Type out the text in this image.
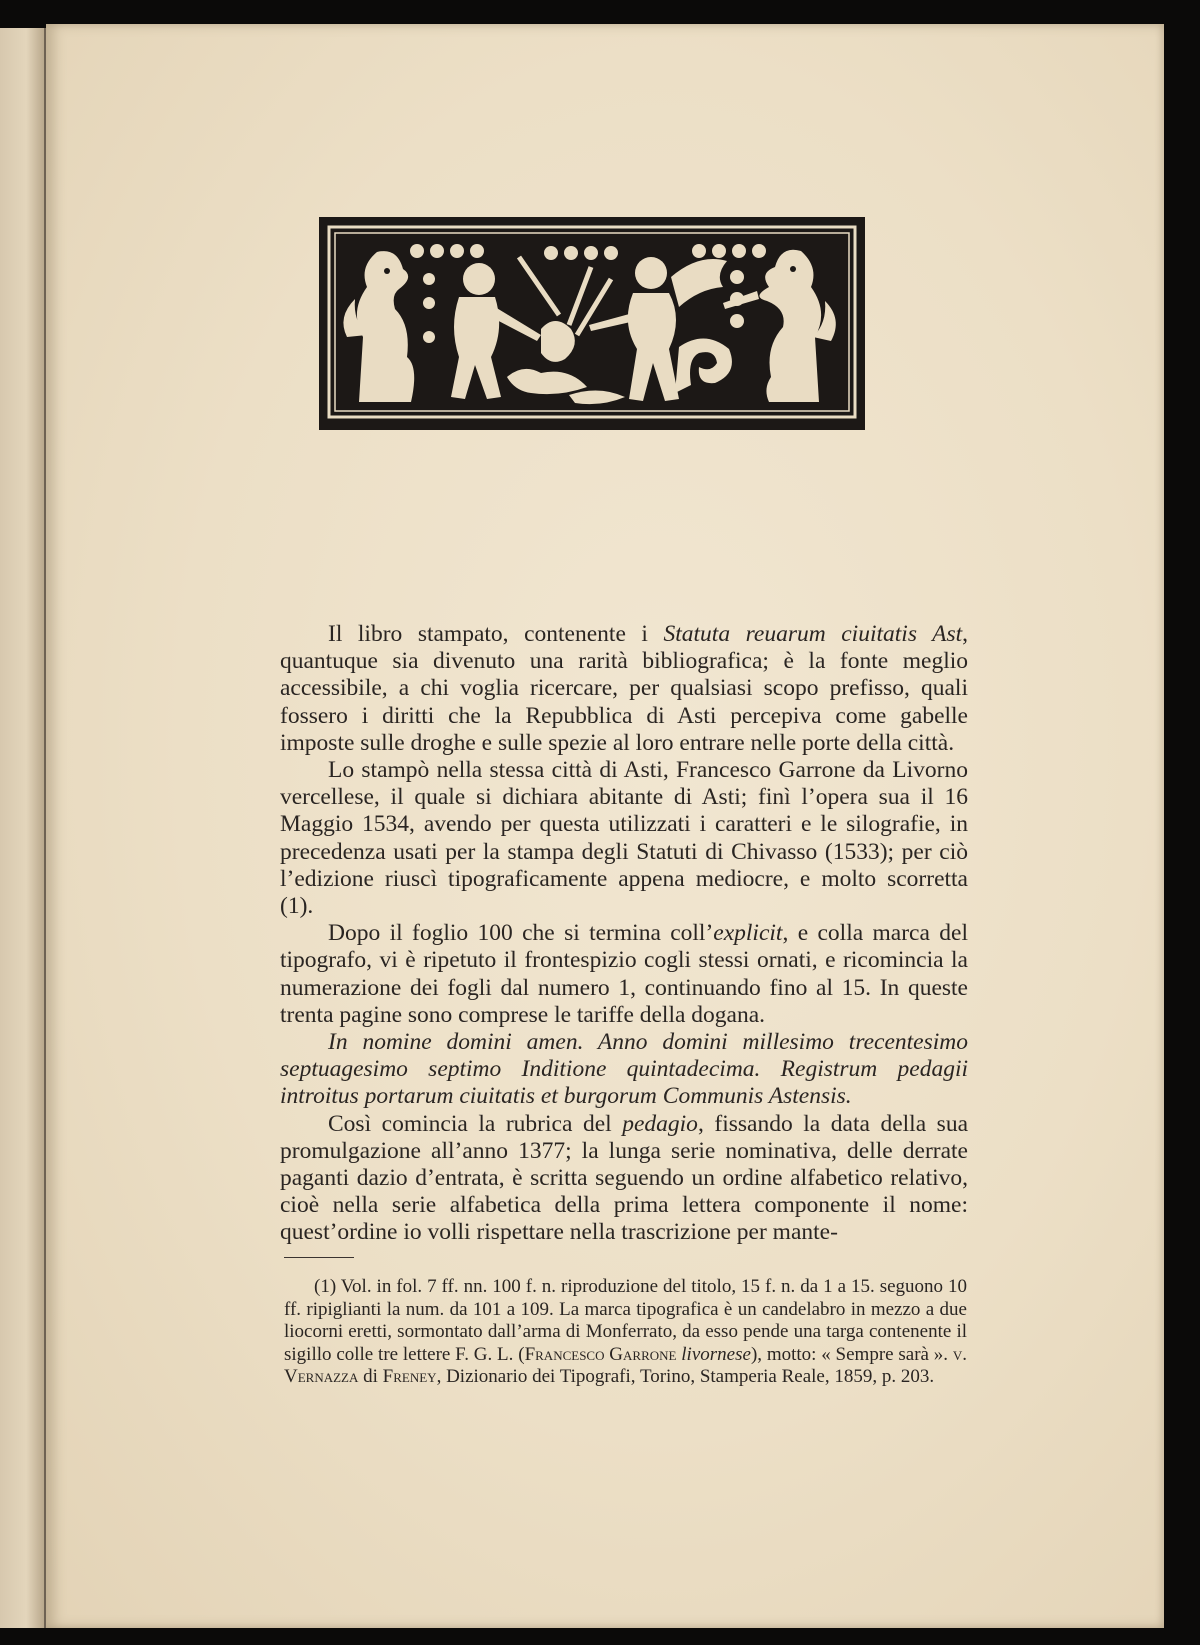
Il libro stampato, contenente i Statuta reuarum ciuitatis Ast, quantuque sia divenuto una rarità bibliografica; è la fonte meglio accessibile, a chi voglia ricercare, per qualsiasi scopo prefisso, quali fossero i diritti che la Repubblica di Asti percepiva come gabelle imposte sulle droghe e sulle spezie al loro entrare nelle porte della città.

Lo stampò nella stessa città di Asti, Francesco Garrone da Livorno vercellese, il quale si dichiara abitante di Asti; finì l’opera sua il 16 Maggio 1534, avendo per questa utilizzati i caratteri e le silografie, in precedenza usati per la stampa degli Statuti di Chivasso (1533); per ciò l’edizione riuscì tipograficamente appena mediocre, e molto scorretta (1).

Dopo il foglio 100 che si termina coll’explicit, e colla marca del tipografo, vi è ripetuto il frontespizio cogli stessi ornati, e ricomincia la numerazione dei fogli dal numero 1, continuando fino al 15. In queste trenta pagine sono comprese le tariffe della dogana.

In nomine domini amen. Anno domini millesimo trecentesimo septuagesimo septimo Inditione quintadecima. Registrum pedagii introitus portarum ciuitatis et burgorum Communis Astensis.

Così comincia la rubrica del pedagio, fissando la data della sua promulgazione all’anno 1377; la lunga serie nominativa, delle derrate paganti dazio d’entrata, è scritta seguendo un ordine alfabetico relativo, cioè nella serie alfabetica della prima lettera componente il nome: quest’ordine io volli rispettare nella trascrizione per mante-

(1) Vol. in fol. 7 ff. nn. 100 f. n. riproduzione del titolo, 15 f. n. da 1 a 15. seguono 10 ff. ripiglianti la num. da 101 a 109. La marca tipografica è un candelabro in mezzo a due liocorni eretti, sormontato dall’arma di Monferrato, da esso pende una targa contenente il sigillo colle tre lettere F. G. L. (Francesco Garrone livornese), motto: « Sempre sarà ». v. Vernazza di Freney, Dizionario dei Tipografi, Torino, Stamperia Reale, 1859, p. 203.
